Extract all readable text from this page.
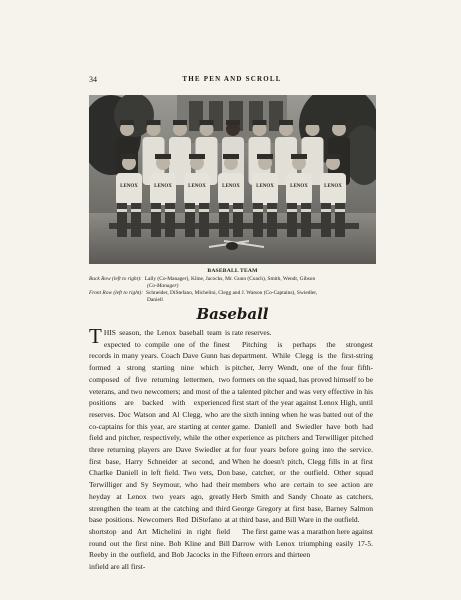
34	THE PEN AND SCROLL
LENOX	LENOX	LENOX	LENOX	LENOX	LENOX	LENOX
BASEBALL TEAM
Back Row (left to right): Lally (Co-Manager), Kline, Jacocks, Mr. Gunn (Coach), Smith, Wendt, Gibson
(Co-Manager)
Front Row (left to right): Schneider, DiStefano, Michelini, Clegg and J. Watson (Co-Captains), Swiedler,
Daniell
Baseball

THIS season, the Lenox baseball team is expected to compile one of the finest records in many years. Coach Dave Gunn has formed a strong starting nine which is composed of five returning lettermen, two veterans, and two newcomers; and most of the positions are backed with experienced reserves. Doc Watson and Al Clegg, who are co-captains for this year, are starting at center field and pitcher, respectively, while the other three returning players are Dave Swiedler at first base, Harry Schneider at second, and Charlke Daniell in left field. Two vets, Don Terwilliger and Sy Seymour, who had their heyday at Lenox two years ago, greatly strengthen the team at the catching and third base positions. Newcomers Red DiStefano at shortstop and Art Michelini in right field round out the first nine. Bob Kline and Bill Reeby in the outfield, and Bob Jacocks in the infield are all first-

rate reserves.

Pitching is perhaps the strongest department. While Clegg is the first-string pitcher, Jerry Wendt, one of the four fifth-formers on the squad, has proved himself to be a talented pitcher and was very effective in his first start of the year against Lenox High, until the sixth inning when he was batted out of the game. Daniell and Swiedler have both had experience as pitchers and Terwilliger pitched for four years before going into the service. When he doesn't pitch, Clegg fills in at first base, catcher, or the outfield. Other squad members who are certain to see action are Herb Smith and Sandy Choate as catchers, George Gregory at first base, Barney Salmon at third base, and Bill Ware in the outfield.

The first game was a marathon here against Darrow with Lenox triumphing easily 17-5. Fifteen errors and thirteen
